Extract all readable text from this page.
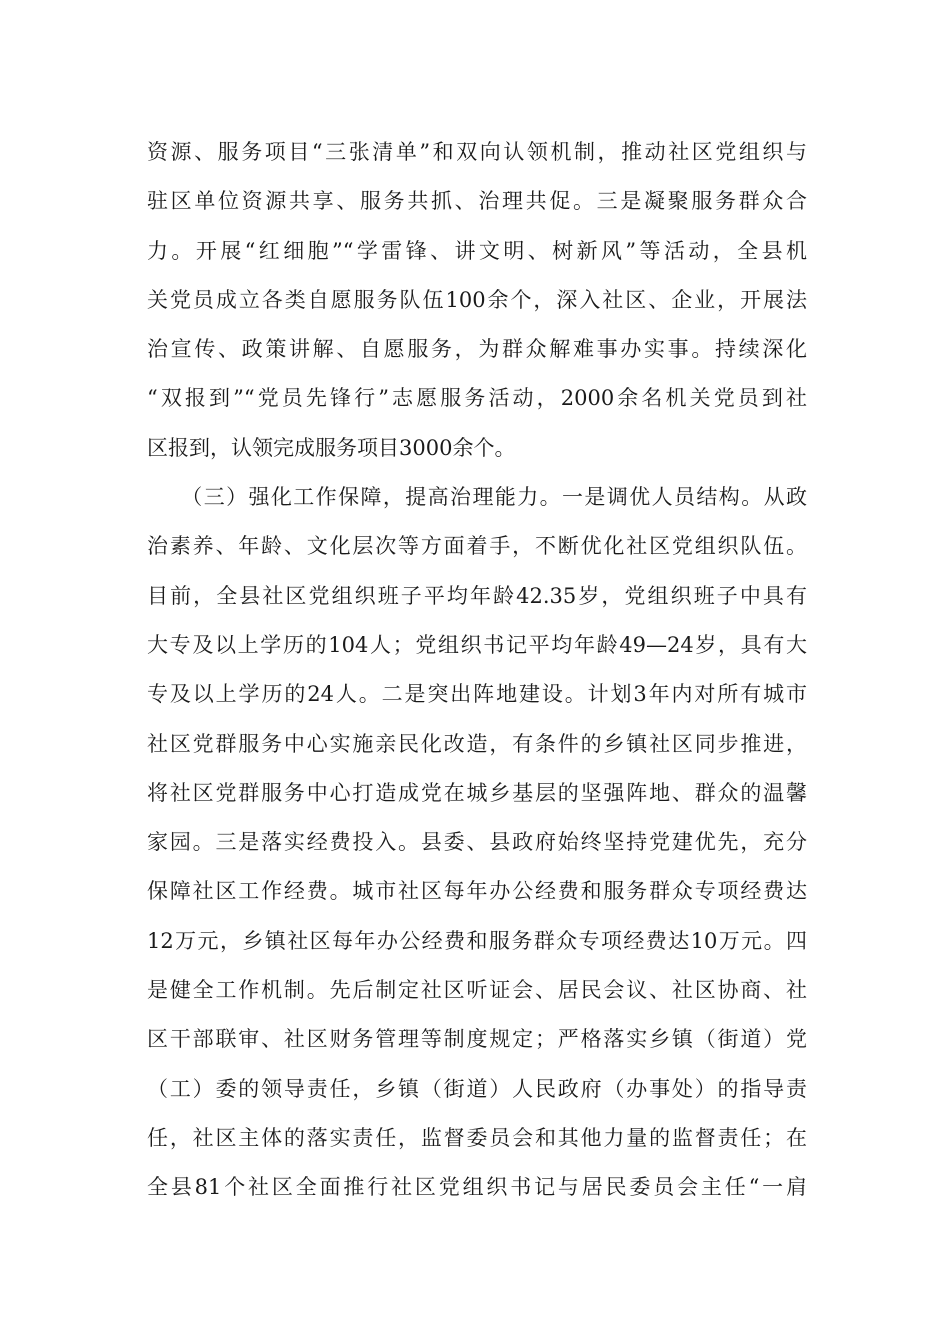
资源、服务项目“三张清单”和双向认领机制，推动社区党组织与
驻区单位资源共享、服务共抓、治理共促。三是凝聚服务群众合
力。开展“红细胞”“学雷锋、讲文明、树新风”等活动，全县机
关党员成立各类自愿服务队伍100余个，深入社区、企业，开展法
治宣传、政策讲解、自愿服务，为群众解难事办实事。持续深化
“双报到”“党员先锋行”志愿服务活动，2000余名机关党员到社
区报到，认领完成服务项目3000余个。
　　（三）强化工作保障，提高治理能力。一是调优人员结构。从政
治素养、年龄、文化层次等方面着手，不断优化社区党组织队伍。
目前，全县社区党组织班子平均年龄42.35岁，党组织班子中具有
大专及以上学历的104人；党组织书记平均年龄49—24岁，具有大
专及以上学历的24人。二是突出阵地建设。计划3年内对所有城市
社区党群服务中心实施亲民化改造，有条件的乡镇社区同步推进，
将社区党群服务中心打造成党在城乡基层的坚强阵地、群众的温馨
家园。三是落实经费投入。县委、县政府始终坚持党建优先，充分
保障社区工作经费。城市社区每年办公经费和服务群众专项经费达
12万元，乡镇社区每年办公经费和服务群众专项经费达10万元。四
是健全工作机制。先后制定社区听证会、居民会议、社区协商、社
区干部联审、社区财务管理等制度规定；严格落实乡镇（街道）党
（工）委的领导责任，乡镇（街道）人民政府（办事处）的指导责
任，社区主体的落实责任，监督委员会和其他力量的监督责任；在
全县81个社区全面推行社区党组织书记与居民委员会主任“一肩
